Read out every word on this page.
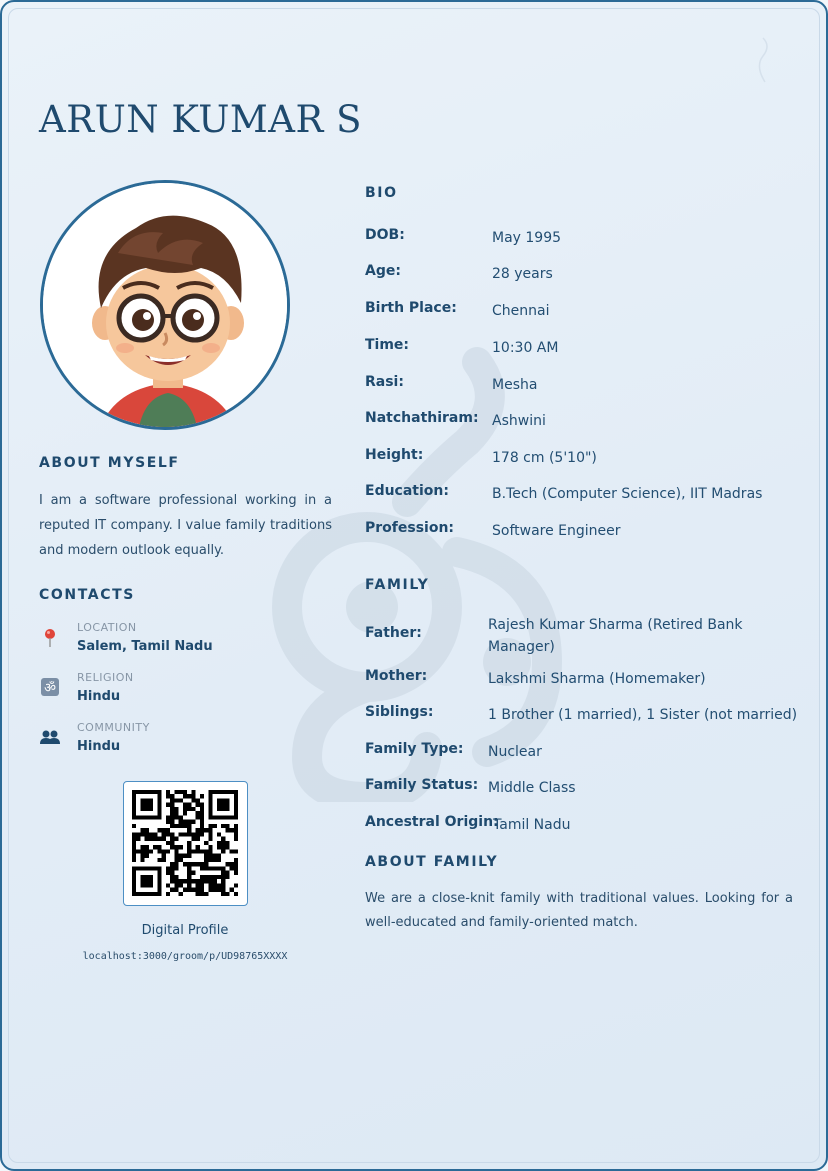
ARUN KUMAR S
ABOUT MYSELF

I am a software professional working in a reputed IT company. I value family traditions and modern outlook equally.

CONTACTS
LOCATION
Salem, Tamil Nadu
ॐ
RELIGION
Hindu
COMMUNITY
Hindu
Digital Profile
localhost:3000/groom/p/UD98765XXXX
BIO
DOB:	May 1995
Age:	28 years
Birth Place:	Chennai
Time:	10:30 AM
Rasi:	Mesha
Natchathiram: Ashwini
Height:	178 cm (5'10")
Education:	B.Tech (Computer Science), IIT Madras
Profession:	Software Engineer
FAMILY
Father:	Rajesh Kumar Sharma (Retired Bank Manager)
Mother:	Lakshmi Sharma (Homemaker)
Siblings:	1 Brother (1 married), 1 Sister (not married)
Family Type: Nuclear
Family Status: Middle Class
Ancestral Origin:
Tamil Nadu
ABOUT FAMILY

We are a close-knit family with traditional values. Looking for a well-educated and family-oriented match.
